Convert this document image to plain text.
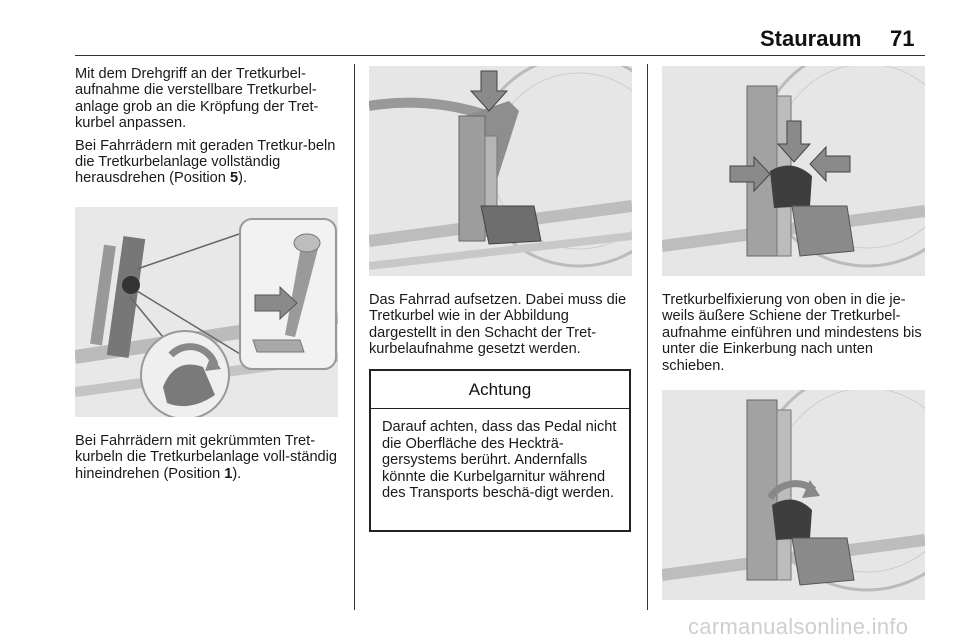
Stauraum 71

Mit dem Drehgriff an der Tretkurbel-aufnahme die verstellbare Tretkurbel-anlage grob an die Kröpfung der Tret-kurbel anpassen.

Bei Fahrrädern mit geraden Tretkur-beln die Tretkurbelanlage vollständig herausdrehen (Position 5).

Bei Fahrrädern mit gekrümmten Tret-kurbeln die Tretkurbelanlage voll-ständig hineindrehen (Position 1).

Das Fahrrad aufsetzen. Dabei muss die Tretkurbel wie in der Abbildung dargestellt in den Schacht der Tret-kurbelaufnahme gesetzt werden.

Achtung
Darauf achten, dass das Pedal nicht die Oberfläche des Heckträ-gersystems berührt. Andernfalls könnte die Kurbelgarnitur während des Transports beschä-digt werden.

Tretkurbelfixierung von oben in die je-weils äußere Schiene der Tretkurbel-aufnahme einführen und mindestens bis unter die Einkerbung nach unten schieben.

carmanualsonline.info
